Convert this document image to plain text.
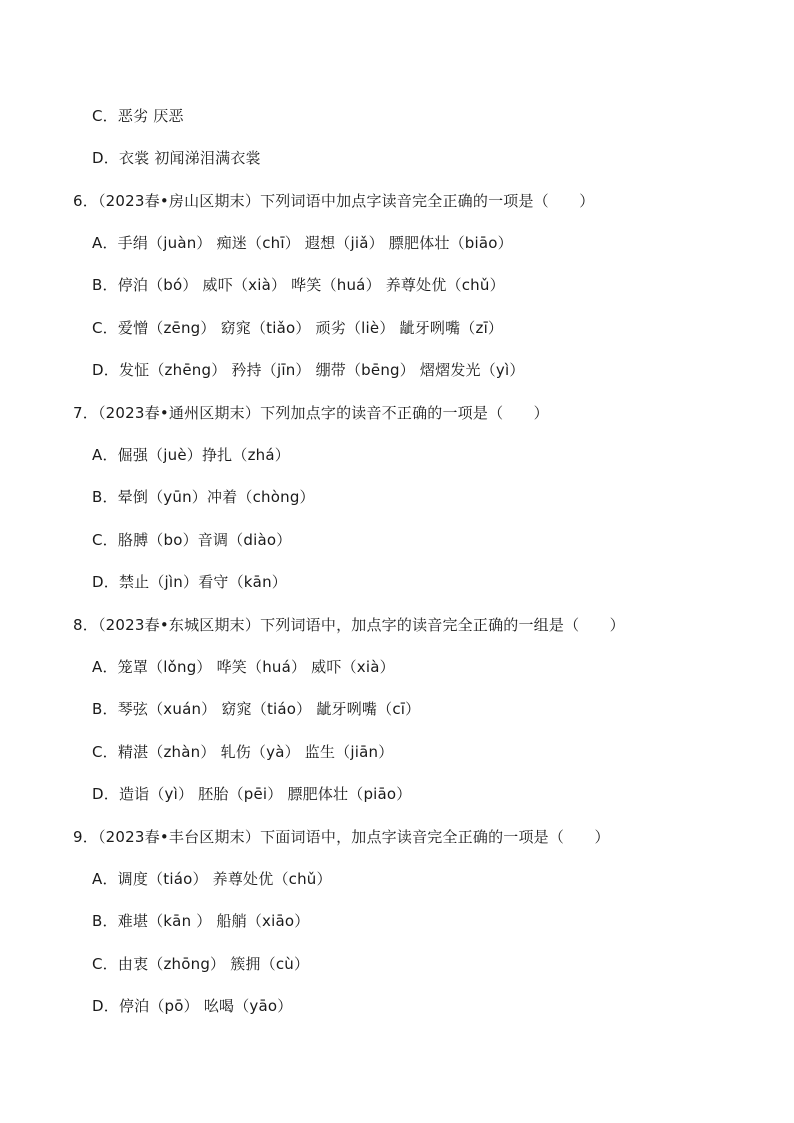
C．恶劣 厌恶
D．衣裳 初闻涕泪满衣裳
6．（2023春•房山区期末）下列词语中加点字读音完全正确的一项是（　　）
A．手绢（juàn） 痴迷（chī） 遐想（jiǎ） 膘肥体壮（biāo）
B．停泊（bó） 威吓（xià） 哗笑（huá） 养尊处优（chǔ）
C．爱憎（zēng） 窈窕（tiǎo） 顽劣（liè） 龇牙咧嘴（zī）
D．发怔（zhēng） 矜持（jīn） 绷带（bēng） 熠熠发光（yì）
7．（2023春•通州区期末）下列加点字的读音不正确的一项是（　　）
A．倔强（juè）挣扎（zhá）
B．晕倒（yūn）冲着（chòng）
C．胳膊（bo）音调（diào）
D．禁止（jìn）看守（kān）
8．（2023春•东城区期末）下列词语中，加点字的读音完全正确的一组是（　　）
A．笼罩（lǒng） 哗笑（huá） 威吓（xià）
B．琴弦（xuán） 窈窕（tiáo） 龇牙咧嘴（cī）
C．精湛（zhàn） 轧伤（yà） 监生（jiān）
D．造诣（yì） 胚胎（pēi） 膘肥体壮（piāo）
9．（2023春•丰台区期末）下面词语中，加点字读音完全正确的一项是（　　）
A．调度（tiáo） 养尊处优（chǔ）
B．难堪（kān ） 船艄（xiāo）
C．由衷（zhōng） 簇拥（cù）
D．停泊（pō） 吆喝（yāo）
